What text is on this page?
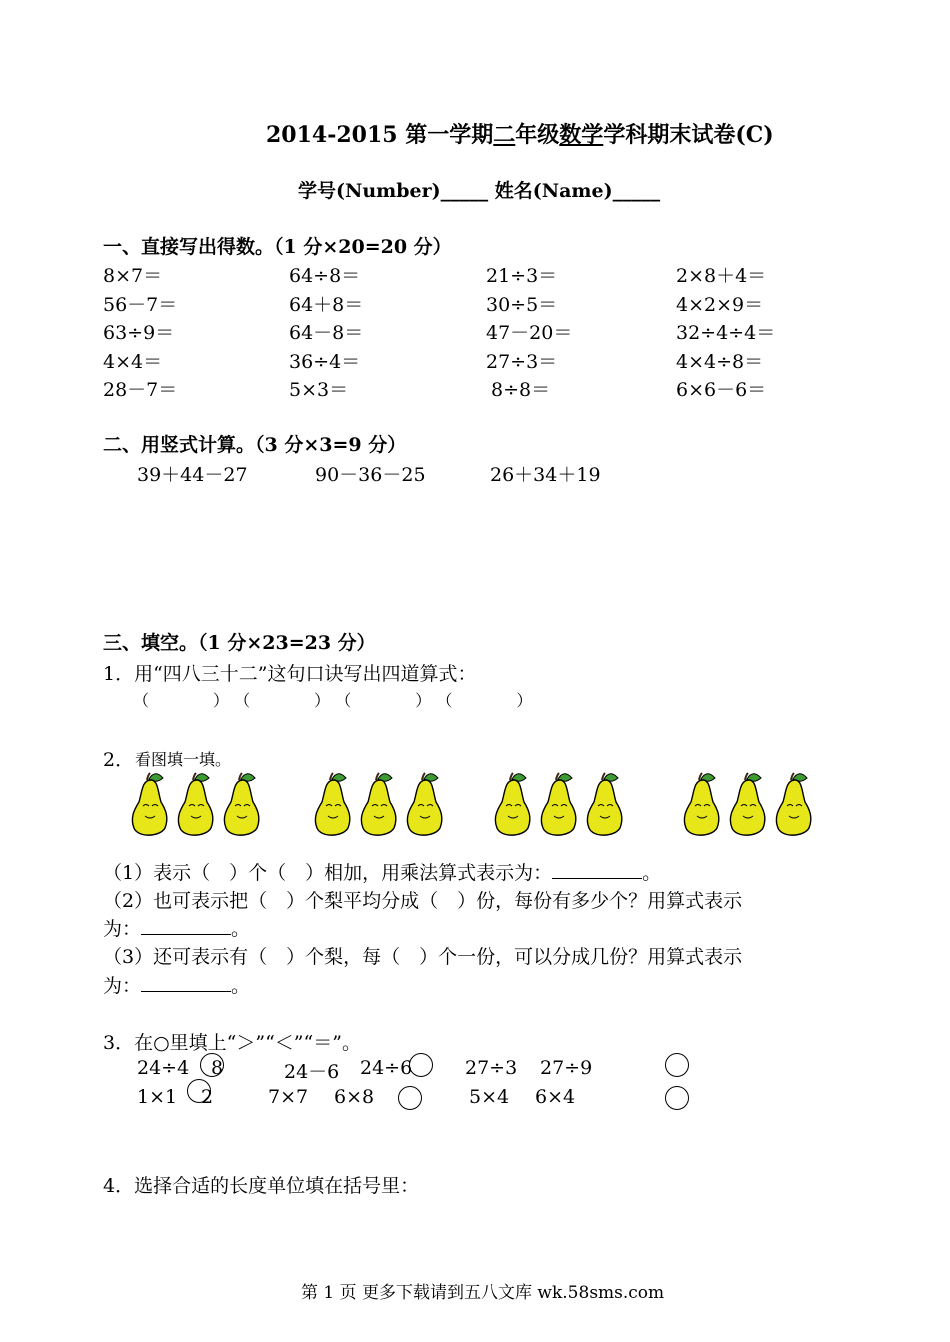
2014-2015 第一学期二年级数学学科期末试卷(C)
学号(Number)_____ 姓名(Name)_____
一、直接写出得数。（1 分×20=20 分）
8×7＝	64÷8＝	21÷3＝	2×8＋4＝
56－7＝	64＋8＝	30÷5＝	4×2×9＝
63÷9＝	64－8＝	47－20＝	32÷4÷4＝
4×4＝	36÷4＝	27÷3＝	4×4÷8＝
28－7＝	5×3＝	8÷8＝	6×6－6＝
二、用竖式计算。（3 分×3=9 分）
39＋44－27	90－36－25	26＋34＋19
三、填空。（1 分×23=23 分）
1．用“四八三十二”这句口诀写出四道算式：
（　　　　） （　　　　） （　　　　） （　　　　）
2． 看图填一填。
（1）表示（　）个（　）相加，用乘法算式表示为：	。
（2）也可表示把（　）个梨平均分成（　）份，每份有多少个？用算式表示
为：	。
（3）还可表示有（　）个梨，每（　）个一份，可以分成几份？用算式表示
为：	。
3．在○里填上“＞”“＜”“＝”。
24÷4 8	24－6 24÷6	27÷3 27÷9
1×1 2	7×7 6×8	5×4 6×4
4．选择合适的长度单位填在括号里：
第 1 页 更多下载请到五八文库 wk.58sms.com
